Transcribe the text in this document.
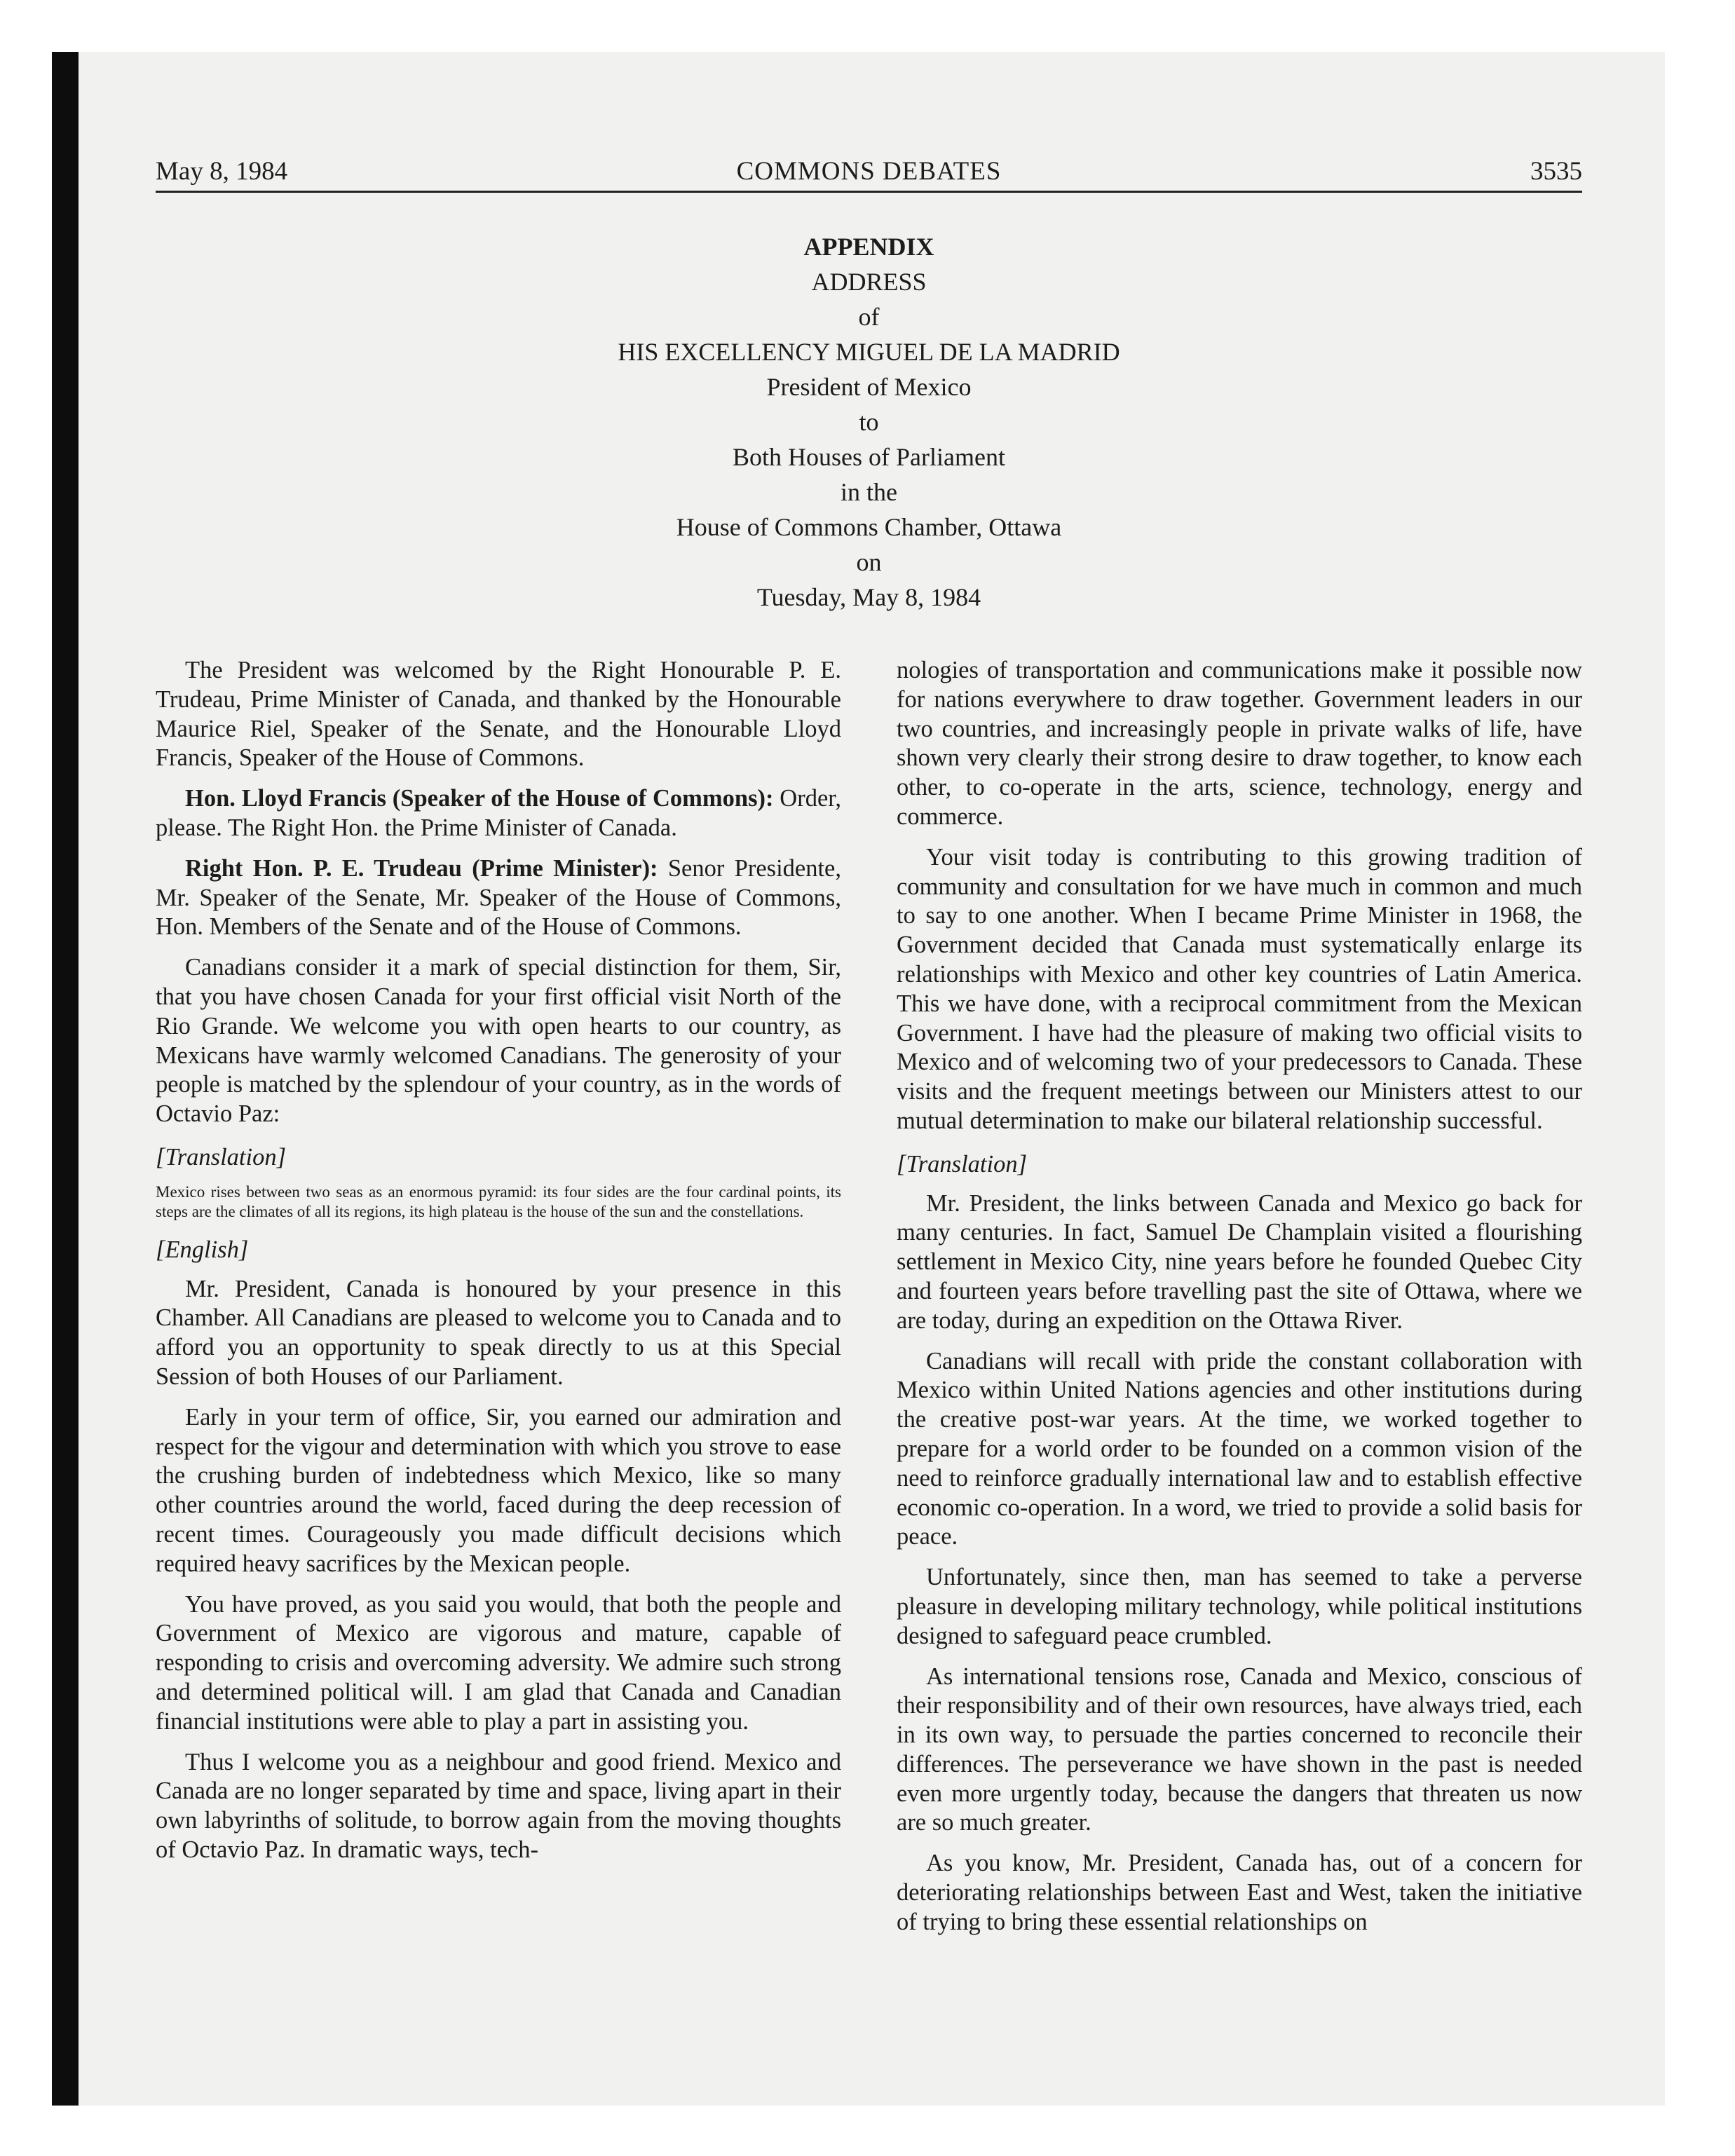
May 8, 1984	COMMONS DEBATES	3535
APPENDIX
ADDRESS
of
HIS EXCELLENCY MIGUEL DE LA MADRID
President of Mexico
to
Both Houses of Parliament
in the
House of Commons Chamber, Ottawa
on
Tuesday, May 8, 1984

The President was welcomed by the Right Honourable P. E. Trudeau, Prime Minister of Canada, and thanked by the Honourable Maurice Riel, Speaker of the Senate, and the Honourable Lloyd Francis, Speaker of the House of Commons.

Hon. Lloyd Francis (Speaker of the House of Commons): Order, please. The Right Hon. the Prime Minister of Canada.

Right Hon. P. E. Trudeau (Prime Minister): Senor Presidente, Mr. Speaker of the Senate, Mr. Speaker of the House of Commons, Hon. Members of the Senate and of the House of Commons.

Canadians consider it a mark of special distinction for them, Sir, that you have chosen Canada for your first official visit North of the Rio Grande. We welcome you with open hearts to our country, as Mexicans have warmly welcomed Canadians. The generosity of your people is matched by the splendour of your country, as in the words of Octavio Paz:

[Translation]

Mexico rises between two seas as an enormous pyramid: its four sides are the four cardinal points, its steps are the climates of all its regions, its high plateau is the house of the sun and the constellations.

[English]

Mr. President, Canada is honoured by your presence in this Chamber. All Canadians are pleased to welcome you to Canada and to afford you an opportunity to speak directly to us at this Special Session of both Houses of our Parliament.

Early in your term of office, Sir, you earned our admiration and respect for the vigour and determination with which you strove to ease the crushing burden of indebtedness which Mexico, like so many other countries around the world, faced during the deep recession of recent times. Courageously you made difficult decisions which required heavy sacrifices by the Mexican people.

You have proved, as you said you would, that both the people and Government of Mexico are vigorous and mature, capable of responding to crisis and overcoming adversity. We admire such strong and determined political will. I am glad that Canada and Canadian financial institutions were able to play a part in assisting you.

Thus I welcome you as a neighbour and good friend. Mexico and Canada are no longer separated by time and space, living apart in their own labyrinths of solitude, to borrow again from the moving thoughts of Octavio Paz. In dramatic ways, tech-

nologies of transportation and communications make it possible now for nations everywhere to draw together. Government leaders in our two countries, and increasingly people in private walks of life, have shown very clearly their strong desire to draw together, to know each other, to co-operate in the arts, science, technology, energy and commerce.

Your visit today is contributing to this growing tradition of community and consultation for we have much in common and much to say to one another. When I became Prime Minister in 1968, the Government decided that Canada must systematically enlarge its relationships with Mexico and other key countries of Latin America. This we have done, with a reciprocal commitment from the Mexican Government. I have had the pleasure of making two official visits to Mexico and of welcoming two of your predecessors to Canada. These visits and the frequent meetings between our Ministers attest to our mutual determination to make our bilateral relationship successful.

[Translation]

Mr. President, the links between Canada and Mexico go back for many centuries. In fact, Samuel De Champlain visited a flourishing settlement in Mexico City, nine years before he founded Quebec City and fourteen years before travelling past the site of Ottawa, where we are today, during an expedition on the Ottawa River.

Canadians will recall with pride the constant collaboration with Mexico within United Nations agencies and other institutions during the creative post-war years. At the time, we worked together to prepare for a world order to be founded on a common vision of the need to reinforce gradually international law and to establish effective economic co-operation. In a word, we tried to provide a solid basis for peace.

Unfortunately, since then, man has seemed to take a perverse pleasure in developing military technology, while political institutions designed to safeguard peace crumbled.

As international tensions rose, Canada and Mexico, conscious of their responsibility and of their own resources, have always tried, each in its own way, to persuade the parties concerned to reconcile their differences. The perseverance we have shown in the past is needed even more urgently today, because the dangers that threaten us now are so much greater.

As you know, Mr. President, Canada has, out of a concern for deteriorating relationships between East and West, taken the initiative of trying to bring these essential relationships on
